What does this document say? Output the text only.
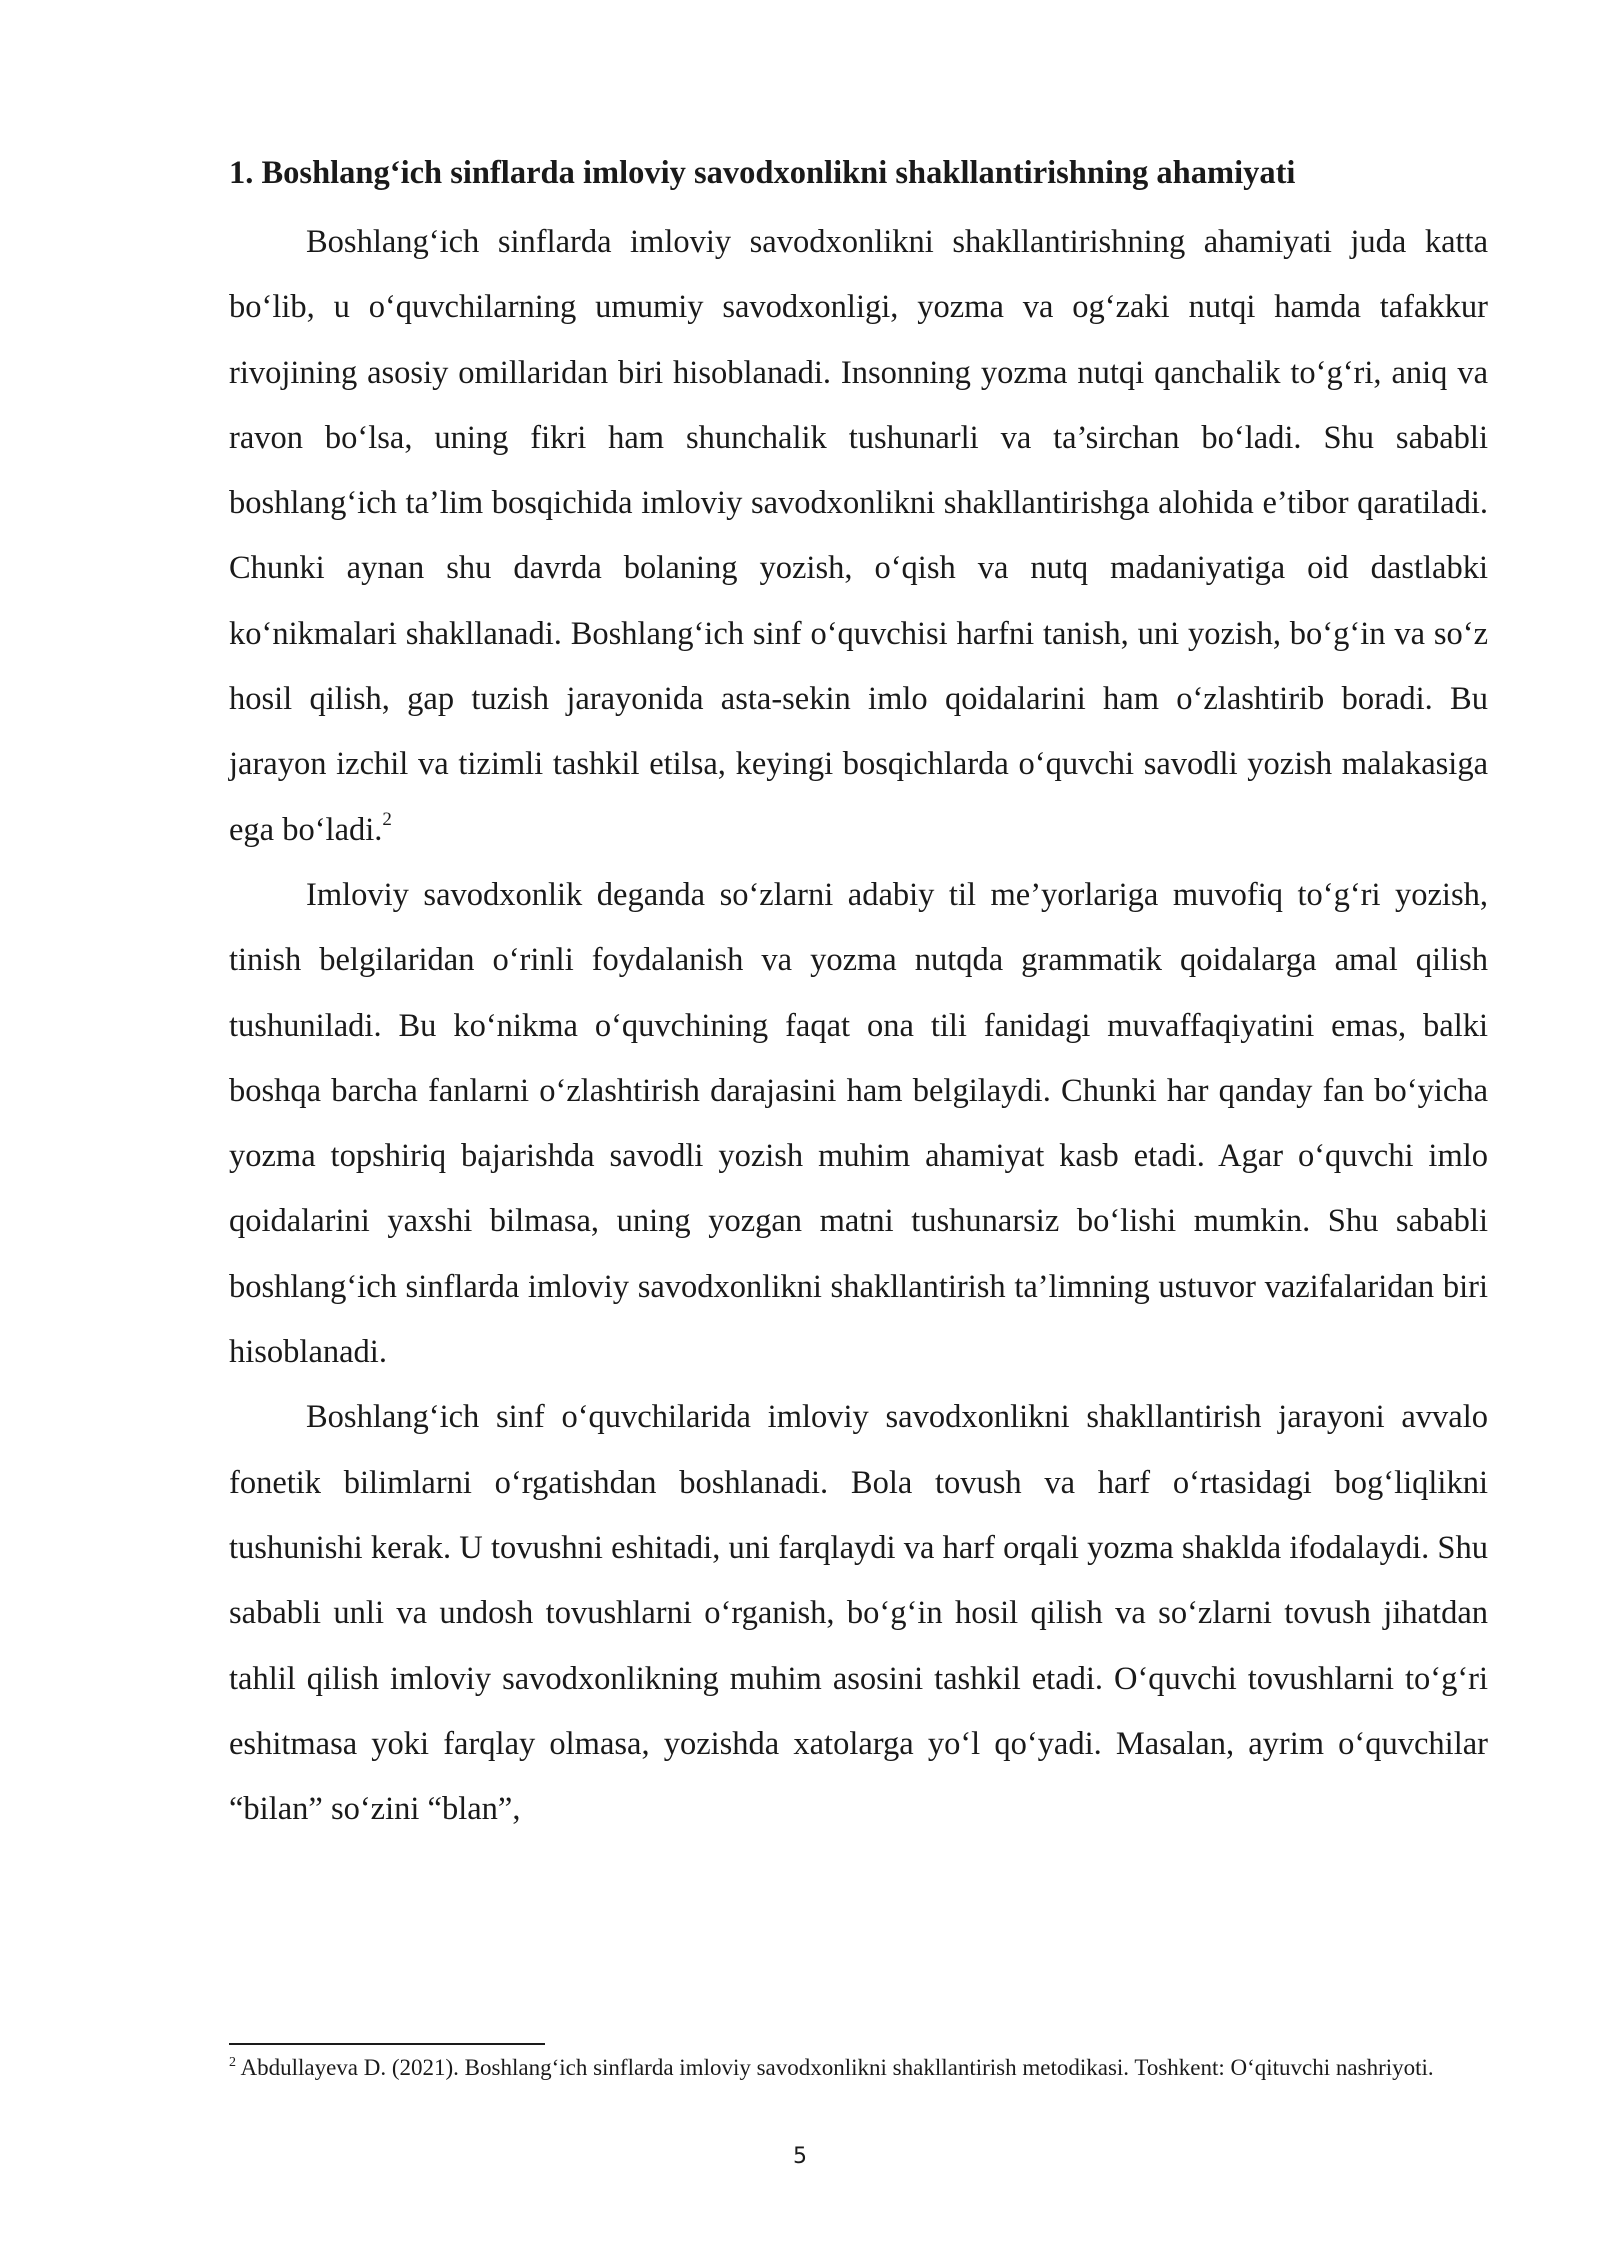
1. Boshlang‘ich sinflarda imloviy savodxonlikni shakllantirishning ahamiyati

Boshlang‘ich sinflarda imloviy savodxonlikni shakllantirishning ahamiyati juda katta bo‘lib, u o‘quvchilarning umumiy savodxonligi, yozma va og‘zaki nutqi hamda tafakkur rivojining asosiy omillaridan biri hisoblanadi. Insonning yozma nutqi qanchalik to‘g‘ri, aniq va ravon bo‘lsa, uning fikri ham shunchalik tushunarli va ta’sirchan bo‘ladi. Shu sababli boshlang‘ich ta’lim bosqichida imloviy savodxonlikni shakllantirishga alohida e’tibor qaratiladi. Chunki aynan shu davrda bolaning yozish, o‘qish va nutq madaniyatiga oid dastlabki ko‘nikmalari shakllanadi. Boshlang‘ich sinf o‘quvchisi harfni tanish, uni yozish, bo‘g‘in va so‘z hosil qilish, gap tuzish jarayonida asta-sekin imlo qoidalarini ham o‘zlashtirib boradi. Bu jarayon izchil va tizimli tashkil etilsa, keyingi bosqichlarda o‘quvchi savodli yozish malakasiga ega bo‘ladi.$^2$

Imloviy savodxonlik deganda so‘zlarni adabiy til me’yorlariga muvofiq to‘g‘ri yozish, tinish belgilaridan o‘rinli foydalanish va yozma nutqda grammatik qoidalarga amal qilish tushuniladi. Bu ko‘nikma o‘quvchining faqat ona tili fanidagi muvaffaqiyatini emas, balki boshqa barcha fanlarni o‘zlashtirish darajasini ham belgilaydi. Chunki har qanday fan bo‘yicha yozma topshiriq bajarishda savodli yozish muhim ahamiyat kasb etadi. Agar o‘quvchi imlo qoidalarini yaxshi bilmasa, uning yozgan matni tushunarsiz bo‘lishi mumkin. Shu sababli boshlang‘ich sinflarda imloviy savodxonlikni shakllantirish ta’limning ustuvor vazifalaridan biri hisoblanadi.

Boshlang‘ich sinf o‘quvchilarida imloviy savodxonlikni shakllantirish jarayoni avvalo fonetik bilimlarni o‘rgatishdan boshlanadi. Bola tovush va harf o‘rtasidagi bog‘liqlikni tushunishi kerak. U tovushni eshitadi, uni farqlaydi va harf orqali yozma shaklda ifodalaydi. Shu sababli unli va undosh tovushlarni o‘rganish, bo‘g‘in hosil qilish va so‘zlarni tovush jihatdan tahlil qilish imloviy savodxonlikning muhim asosini tashkil etadi. O‘quvchi tovushlarni to‘g‘ri eshitmasa yoki farqlay olmasa, yozishda xatolarga yo‘l qo‘yadi. Masalan, ayrim o‘quvchilar “bilan” so‘zini “blan”,

$^2$ Abdullayeva D. (2021). Boshlang‘ich sinflarda imloviy savodxonlikni shakllantirish metodikasi. Toshkent: O‘qituvchi nashriyoti.

5
